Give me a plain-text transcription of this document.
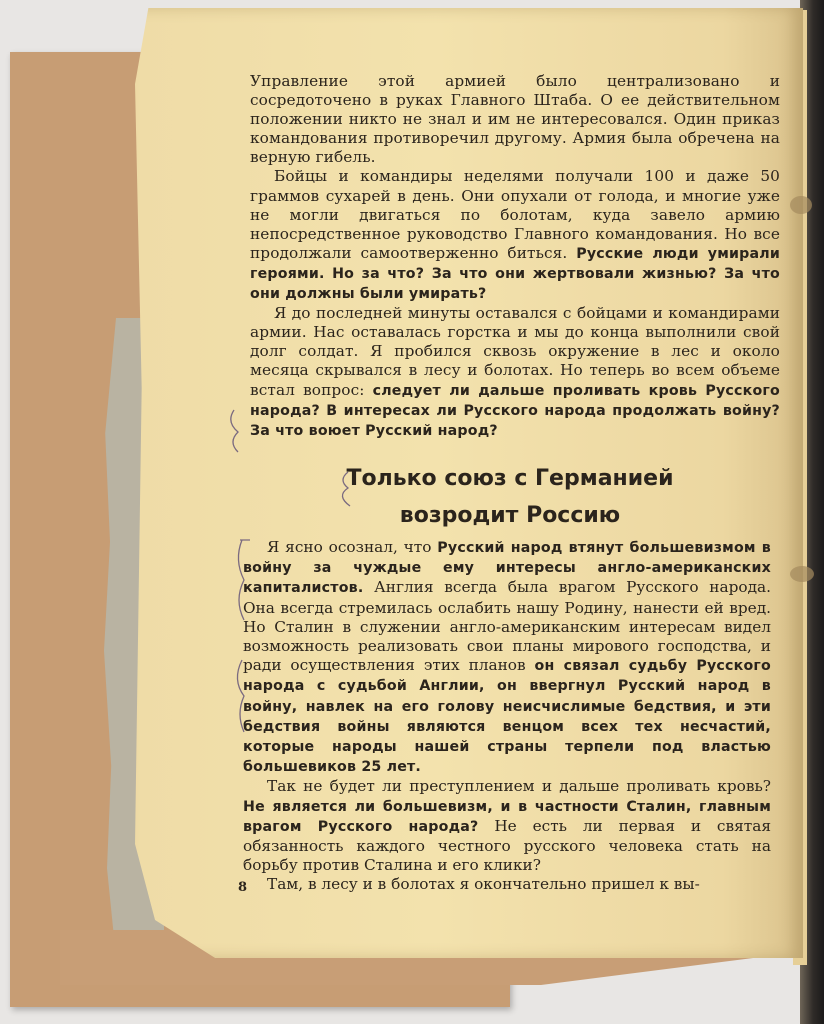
Управление этой армией было централизовано и сосредоточено в руках Главного Штаба. О ее действительном положении никто не знал и им не интересовался. Один приказ командования противоречил другому. Армия была обречена на верную гибель.

Бойцы и командиры неделями получали 100 и даже 50 граммов сухарей в день. Они опухали от голода, и многие уже не могли двигаться по болотам, куда завело армию непосредственное руководство Главного командования. Но все продолжали самоотверженно биться. Русские люди умирали героями. Но за что? За что они жертвовали жизнью? За что они должны были умирать?

Я до последней минуты оставался с бойцами и командирами армии. Нас оставалась горстка и мы до конца выполнили свой долг солдат. Я пробился сквозь окружение в лес и около месяца скрывался в лесу и болотах. Но теперь во всем объеме встал вопрос: следует ли дальше проливать кровь Русского народа? В интересах ли Русского народа продолжать войну? За что воюет Русский народ?

Только союз с Германией
возродит Россию

Я ясно осознал, что Русский народ втянут большевизмом в войну за чуждые ему интересы англо-американских капиталистов. Англия всегда была врагом Русского народа. Она всегда стремилась ослабить нашу Родину, нанести ей вред. Но Сталин в служении англо-американским интересам видел возможность реализовать свои планы мирового господства, и ради осуществления этих планов он связал судьбу Русского народа с судьбой Англии, он ввергнул Русский народ в войну, навлек на его голову неисчислимые бедствия, и эти бедствия войны являются венцом всех тех несчастий, которые народы нашей страны терпели под властью большевиков 25 лет.

Так не будет ли преступлением и дальше проливать кровь? Не является ли большевизм, и в частности Сталин, главным врагом Русского народа? Не есть ли первая и святая обязанность каждого честного русского человека стать на борьбу против Сталина и его клики?

Там, в лесу и в болотах я окончательно пришел к вы-

8
